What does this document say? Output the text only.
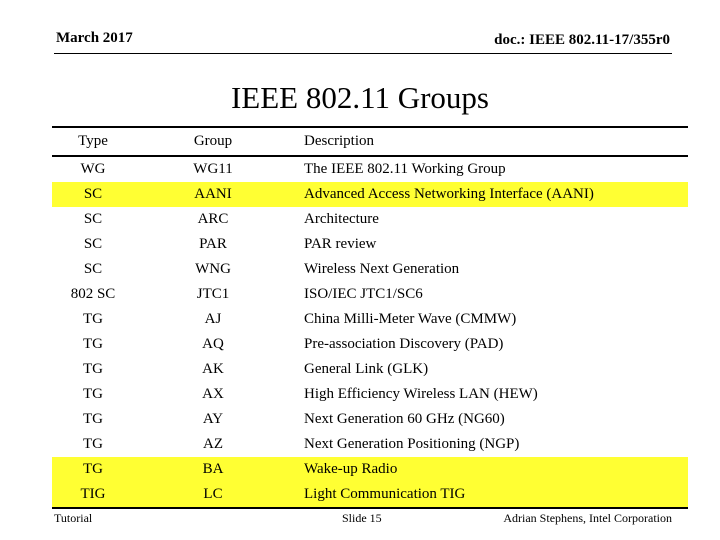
March 2017	doc.: IEEE 802.11-17/355r0
IEEE 802.11 Groups
Type	Group	Description
WG	WG11	The IEEE 802.11 Working Group
SC	AANI	Advanced Access Networking Interface (AANI)
SC	ARC	Architecture
SC	PAR	PAR review
SC	WNG	Wireless Next Generation
802 SC	JTC1	ISO/IEC JTC1/SC6
TG	AJ	China Milli-Meter Wave (CMMW)
TG	AQ	Pre-association Discovery (PAD)
TG	AK	General Link (GLK)
TG	AX	High Efficiency Wireless LAN (HEW)
TG	AY	Next Generation 60 GHz (NG60)
TG	AZ	Next Generation Positioning (NGP)
TG	BA	Wake-up Radio
TIG	LC	Light Communication TIG
Tutorial	Slide 15	Adrian Stephens, Intel Corporation
